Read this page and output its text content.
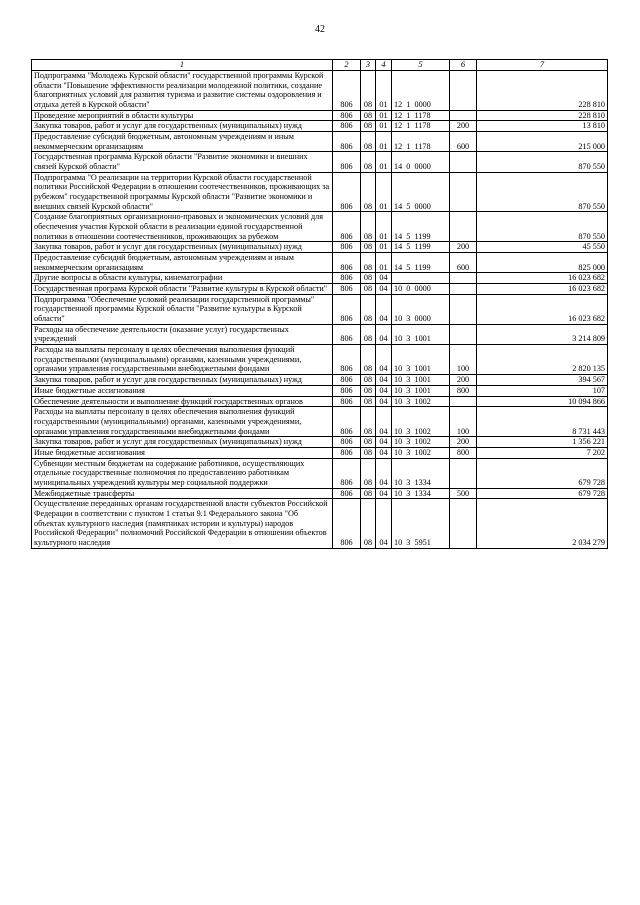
42
1	2	3	4	5	6	7
Подпрограмма "Молодежь Курской области" государственной программы Курской области "Повышение эффективности реализации молодежной политики, создание благоприятных условий для развития туризма и развитие системы оздоровления и отдыха детей в Курской области"	806	08	01	12  1  0000		228 810
Проведение мероприятий в области культуры	806	08	01	12  1  1178		228 810
Закупка товаров, работ и услуг для государственных (муниципальных) нужд	806	08	01	12  1  1178	200	13 810
Предоставление субсидий бюджетным, автономным учреждениям и иным некоммерческим организациям	806	08	01	12  1  1178	600	215 000
Государственная программа Курской области "Развитие экономики и внешних связей Курской области"	806	08	01	14  0  0000		870 550
Подпрограмма "О реализации на территории Курской области государственной политики Российской Федерации в отношении соотечественников, проживающих за рубежом" государственной программы Курской области "Развитие экономики и внешних связей Курской области"	806	08	01	14  5  0000		870 550
Создание благоприятных организационно-правовых и экономических условий для обеспечения участия Курской области в реализации единой государственной политики в отношении соотечественников, проживающих за рубежом	806	08	01	14  5  1199		870 550
Закупка товаров, работ и услуг для государственных (муниципальных) нужд	806	08	01	14  5  1199	200	45 550
Предоставление субсидий бюджетным, автономным учреждениям и иным некоммерческим организациям	806	08	01	14  5  1199	600	825 000
Другие вопросы в области культуры, кинематографии	806	08	04			16 023 682
Государственная програма Курской области "Развитие культуры в Курской области"	806	08	04	10  0  0000		16 023 682
Подпрограмма "Обеспечение условий реализации государственной программы" государственной программы Курской области "Развитие культуры в Курской области"	806	08	04	10  3  0000		16 023 682
Расходы на обеспечение деятельности (оказание услуг) государственных учреждений	806	08	04	10  3  1001		3 214 809
Расходы на выплаты персоналу в целях обеспечения выполнения функций государственными (муниципальными) органами, казенными учреждениями, органами управления государственными внебюджетными фондами	806	08	04	10  3  1001	100	2 820 135
Закупка товаров, работ и услуг для государственных (муниципальных) нужд	806	08	04	10  3  1001	200	394 567
Иные бюджетные ассигнования	806	08	04	10  3  1001	800	107
Обеспечение деятельности и выполнение функций государственных органов	806	08	04	10  3  1002		10 094 866
Расходы на выплаты персоналу в целях обеспечения выполнения функций государственными (муниципальными) органами, казенными учреждениями, органами управления государственными внебюджетными фондами	806	08	04	10  3  1002	100	8 731 443
Закупка товаров, работ и услуг для государственных (муниципальных) нужд	806	08	04	10  3  1002	200	1 356 221
Иные бюджетные ассигнования	806	08	04	10  3  1002	800	7 202
Субвенции местным бюджетам на содержание работников, осуществляющих отдельные государственные полномочия по предоставлению работникам муниципальных учреждений культуры мер социальной поддержки	806	08	04	10  3  1334		679 728
Межбюджетные трансферты	806	08	04	10  3  1334	500	679 728
Осуществление переданных органам государственной власти субъектов Российской Федерации в соответствии с пунктом 1 статьи 9.1 Федерального закона "Об объектах культурного наследия (памятниках истории и культуры) народов Российской Федерации" полномочий Российской Федерации в отношении объектов культурного наследия	806	08	04	10  3  5951		2 034 279
